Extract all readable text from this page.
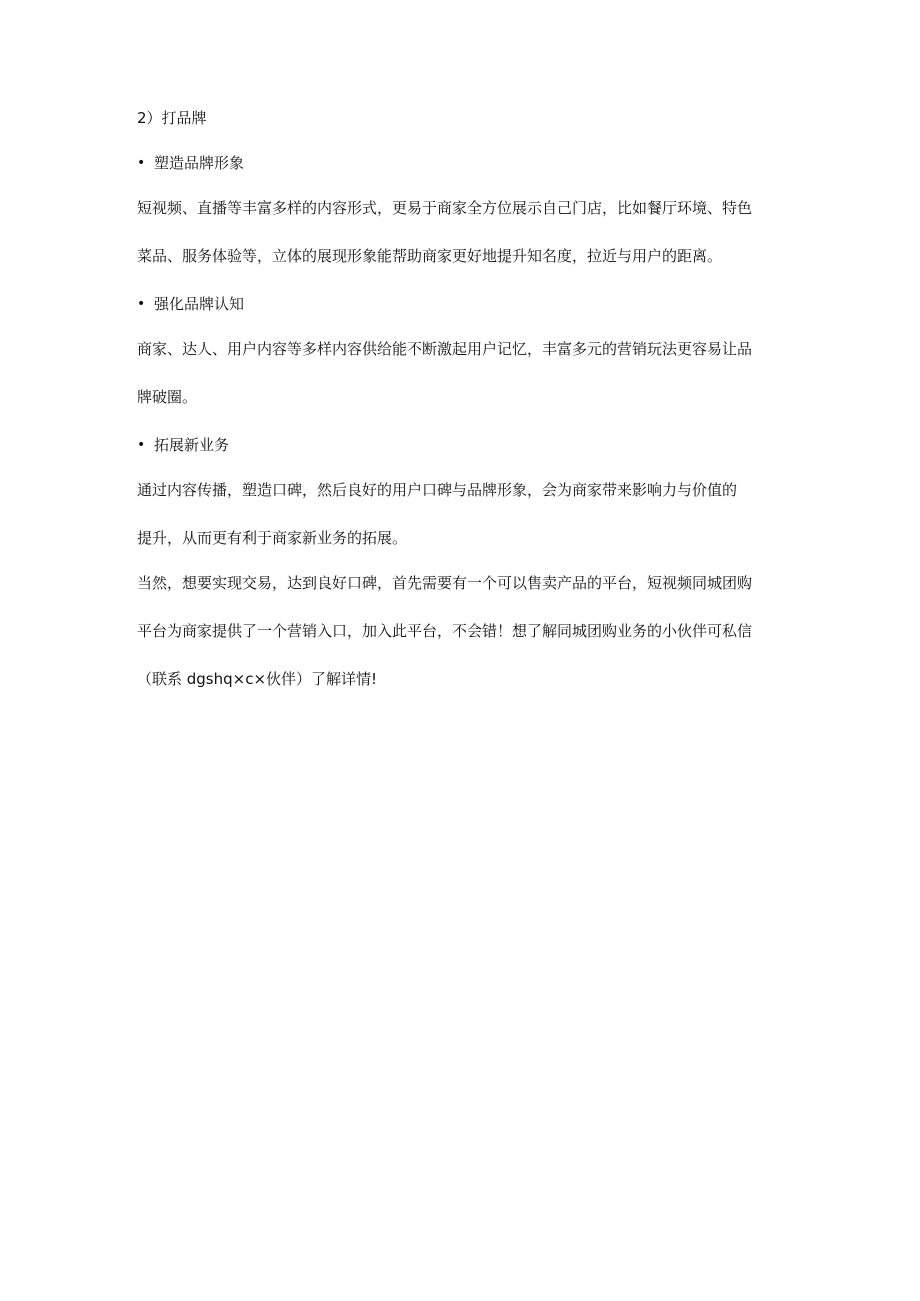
2）打品牌

• 塑造品牌形象

短视频、直播等丰富多样的内容形式，更易于商家全方位展示自己门店，比如餐厅环境、特色

菜品、服务体验等，立体的展现形象能帮助商家更好地提升知名度，拉近与用户的距离。

• 强化品牌认知

商家、达人、用户内容等多样内容供给能不断激起用户记忆，丰富多元的营销玩法更容易让品

牌破圈。

• 拓展新业务

通过内容传播，塑造口碑，然后良好的用户口碑与品牌形象，会为商家带来影响力与价值的

提升，从而更有利于商家新业务的拓展。

当然，想要实现交易，达到良好口碑，首先需要有一个可以售卖产品的平台，短视频同城团购

平台为商家提供了一个营销入口，加入此平台，不会错！想了解同城团购业务的小伙伴可私信

（联系 dgshq×c×伙伴）了解详情!
